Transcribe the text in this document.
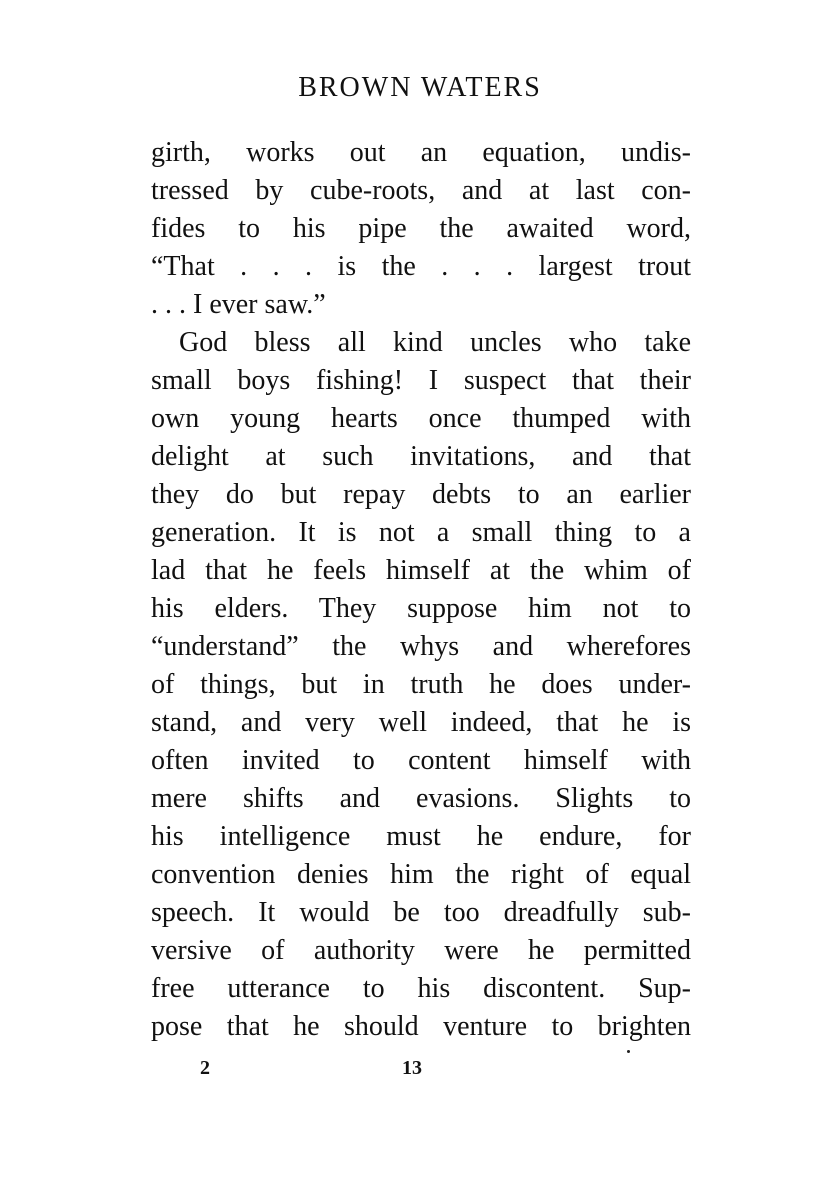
BROWN WATERS
girth, works out an equation, undis-
tressed by cube-roots, and at last con-
fides to his pipe the awaited word,
“That . . . is the . . . largest trout
. . . I ever saw.”
God bless all kind uncles who take
small boys fishing! I suspect that their
own young hearts once thumped with
delight at such invitations, and that
they do but repay debts to an earlier
generation. It is not a small thing to a
lad that he feels himself at the whim of
his elders. They suppose him not to
“understand” the whys and wherefores
of things, but in truth he does under-
stand, and very well indeed, that he is
often invited to content himself with
mere shifts and evasions. Slights to
his intelligence must he endure, for
convention denies him the right of equal
speech. It would be too dreadfully sub-
versive of authority were he permitted
free utterance to his discontent. Sup-
pose that he should venture to brighten
2	13
